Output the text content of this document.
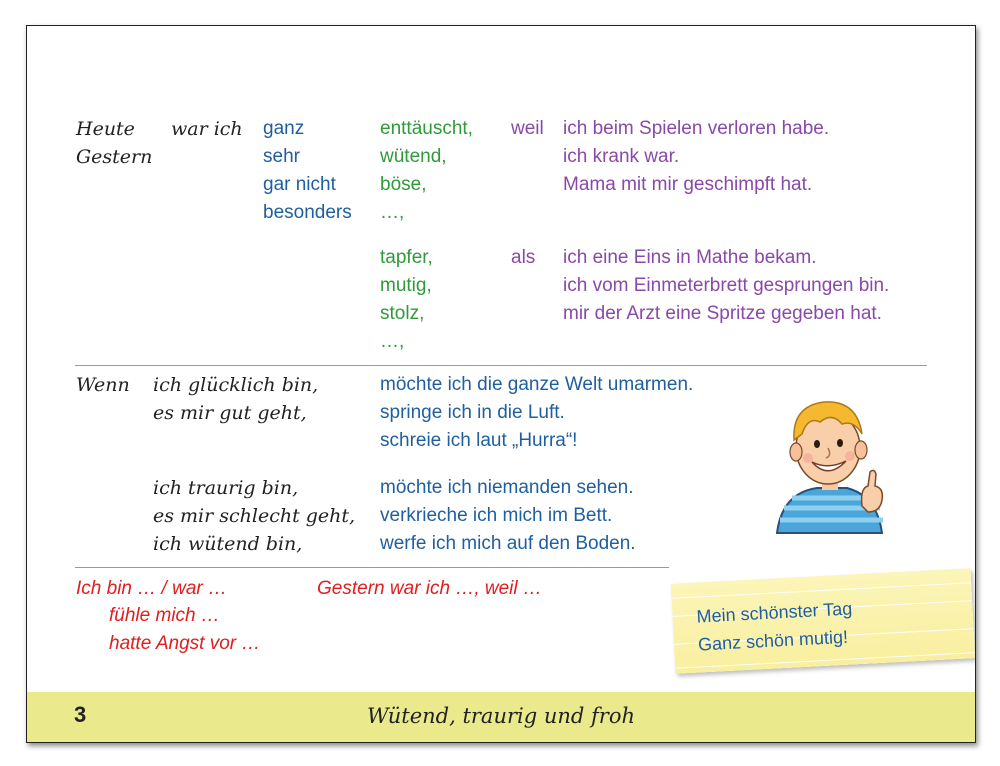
Heute
Gestern
war ich ganz
sehr
gar nicht
besonders
enttäuscht,
wütend,
böse,
…,
weil ich beim Spielen verloren habe.
ich krank war.
Mama mit mir geschimpft hat.
tapfer,
mutig,
stolz,
…,
als ich eine Eins in Mathe bekam.
ich vom Einmeterbrett gesprungen bin.
mir der Arzt eine Spritze gegeben hat.
Wenn ich glücklich bin,
es mir gut geht,
möchte ich die ganze Welt umarmen.
springe ich in die Luft.
schreie ich laut „Hurra“!
ich traurig bin,
es mir schlecht geht,
ich wütend bin,
möchte ich niemanden sehen.
verkrieche ich mich im Bett.
werfe ich mich auf den Boden.
Ich bin … / war …
fühle mich …
hatte Angst vor …
Gestern war ich …, weil …
Mein schönster Tag
Ganz schön mutig!
3	Wütend, traurig und froh
